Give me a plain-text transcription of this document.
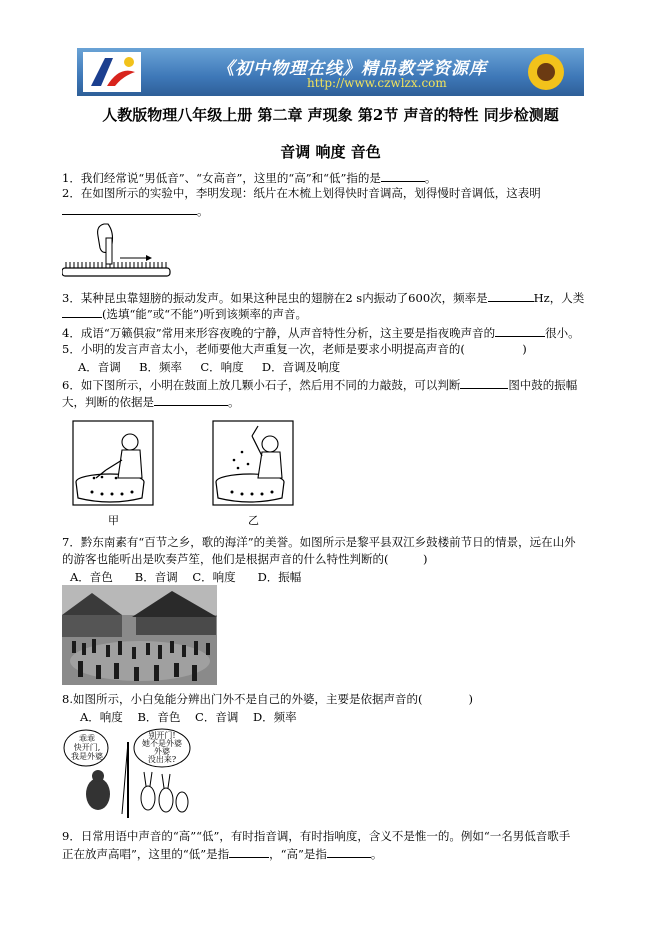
《初中物理在线》精品教学资源库
http://www.czwlzx.com
人教版物理八年级上册 第二章 声现象 第2节 声音的特性 同步检测题
音调 响度 音色
1．我们经常说“男低音”、“女高音”，这里的“高”和“低”指的是	。
2．在如图所示的实验中，李明发现：纸片在木梳上划得快时音调高，划得慢时音调低，这表明
。
3．某种昆虫靠翅膀的振动发声。如果这种昆虫的翅膀在2 s内振动了600次，频率是	Hz，人类
(选填“能”或“不能”)听到该频率的声音。
4．成语“万籁俱寂”常用来形容夜晚的宁静，从声音特性分析，这主要是指夜晚声音的	很小。
5．小明的发言声音太小，老师要他大声重复一次，老师是要求小明提高声音的(　　　　　)
A．音调 B．频率 C．响度 D．音调及响度
6．如下图所示，小明在鼓面上放几颗小石子，然后用不同的力敲鼓，可以判断	图中鼓的振幅
大，判断的依据是	。
甲	乙
7．黔东南素有“百节之乡，歌的海洋”的美誉。如图所示是黎平县双江乡鼓楼前节日的情景，远在山外
的游客也能听出是吹奏芦笙，他们是根据声音的什么特性判断的(　　　)
A．音色 B．音调 C．响度 D．振幅
8.如图所示，小白兔能分辨出门外不是自己的外婆，主要是依据声音的(　　　　)
A．响度 B．音色 C．音调 D．频率
乖乖
快开门,
我是外婆
别开门!
她不是外婆
外婆
没出来?
9．日常用语中声音的“高”“低”，有时指音调，有时指响度，含义不是惟一的。例如“一名男低音歌手
正在放声高唱”，这里的“低”是指	，“高”是指	。
